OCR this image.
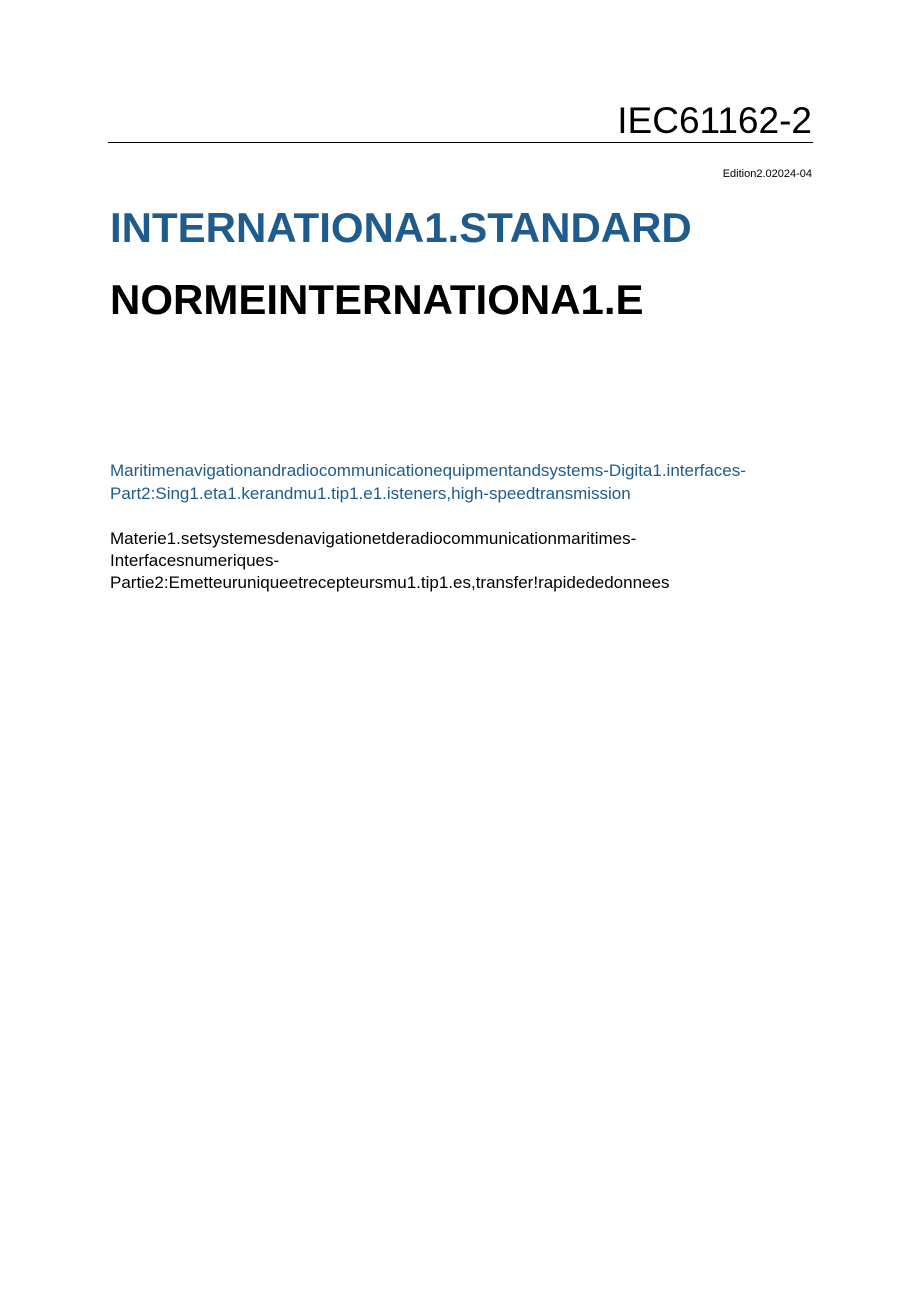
IEC61162-2
Edition2.02024-04
INTERNATIONA1.STANDARD
NORMEINTERNATIONA1.E
Maritimenavigationandradiocommunicationequipmentandsystems-Digita1.interfaces-
Part2:Sing1.eta1.kerandmu1.tip1.e1.isteners,high-speedtransmission
Materie1.setsystemesdenavigationetderadiocommunicationmaritimes-
Interfacesnumeriques-
Partie2:Emetteuruniqueetrecepteursmu1.tip1.es,transfer!rapidededonnees
